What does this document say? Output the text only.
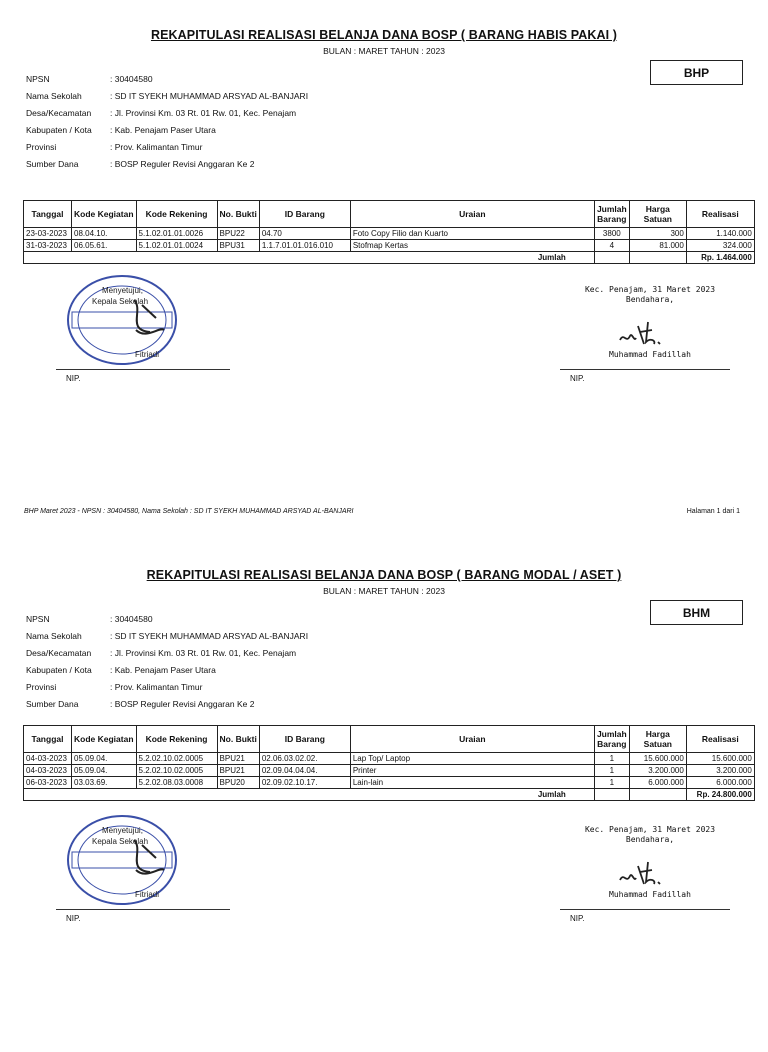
REKAPITULASI REALISASI BELANJA DANA BOSP ( BARANG HABIS PAKAI )
BULAN : MARET TAHUN : 2023
BHP
NPSN	: 30404580
Nama Sekolah	: SD IT SYEKH MUHAMMAD ARSYAD AL-BANJARI
Desa/Kecamatan	: Jl. Provinsi Km. 03 Rt. 01 Rw. 01, Kec. Penajam
Kabupaten / Kota	: Kab. Penajam Paser Utara
Provinsi	: Prov. Kalimantan Timur
Sumber Dana	: BOSP Reguler Revisi Anggaran Ke 2
Tanggal	Kode Kegiatan	Kode Rekening	No. Bukti	ID Barang	Uraian	Jumlah Barang	Harga Satuan	Realisasi
23-03-2023	08.04.10.	5.1.02.01.01.0026	BPU22	04.70	Foto Copy Filio dan Kuarto	3800	300	1.140.000
31-03-2023	06.05.61.	5.1.02.01.01.0024	BPU31	1.1.7.01.01.016.010	Stofmap Kertas	4	81.000	324.000
Jumlah								Rp. 1.464.000
Menyetujui,
Kepala Sekolah
Fitriadi
NIP.
Kec. Penajam, 31 Maret 2023
Bendahara,
Muhammad Fadillah
NIP.
BHP Maret 2023 - NPSN : 30404580, Nama Sekolah : SD IT SYEKH MUHAMMAD ARSYAD AL-BANJARI	Halaman 1 dari 1
REKAPITULASI REALISASI BELANJA DANA BOSP ( BARANG MODAL / ASET )
BULAN : MARET TAHUN : 2023
BHM
NPSN	: 30404580
Nama Sekolah	: SD IT SYEKH MUHAMMAD ARSYAD AL-BANJARI
Desa/Kecamatan	: Jl. Provinsi Km. 03 Rt. 01 Rw. 01, Kec. Penajam
Kabupaten / Kota	: Kab. Penajam Paser Utara
Provinsi	: Prov. Kalimantan Timur
Sumber Dana	: BOSP Reguler Revisi Anggaran Ke 2
Tanggal	Kode Kegiatan	Kode Rekening	No. Bukti	ID Barang	Uraian	Jumlah Barang	Harga Satuan	Realisasi
04-03-2023	05.09.04.	5.2.02.10.02.0005	BPU21	02.06.03.02.02.	Lap Top/ Laptop	1	15.600.000	15.600.000
04-03-2023	05.09.04.	5.2.02.10.02.0005	BPU21	02.09.04.04.04.	Printer	1	3.200.000	3.200.000
06-03-2023	03.03.69.	5.2.02.08.03.0008	BPU20	02.09.02.10.17.	Lain-lain	1	6.000.000	6.000.000
Jumlah								Rp. 24.800.000
Menyetujui,
Kepala Sekolah
Fitriadi
NIP.
Kec. Penajam, 31 Maret 2023
Bendahara,
Muhammad Fadillah
NIP.
